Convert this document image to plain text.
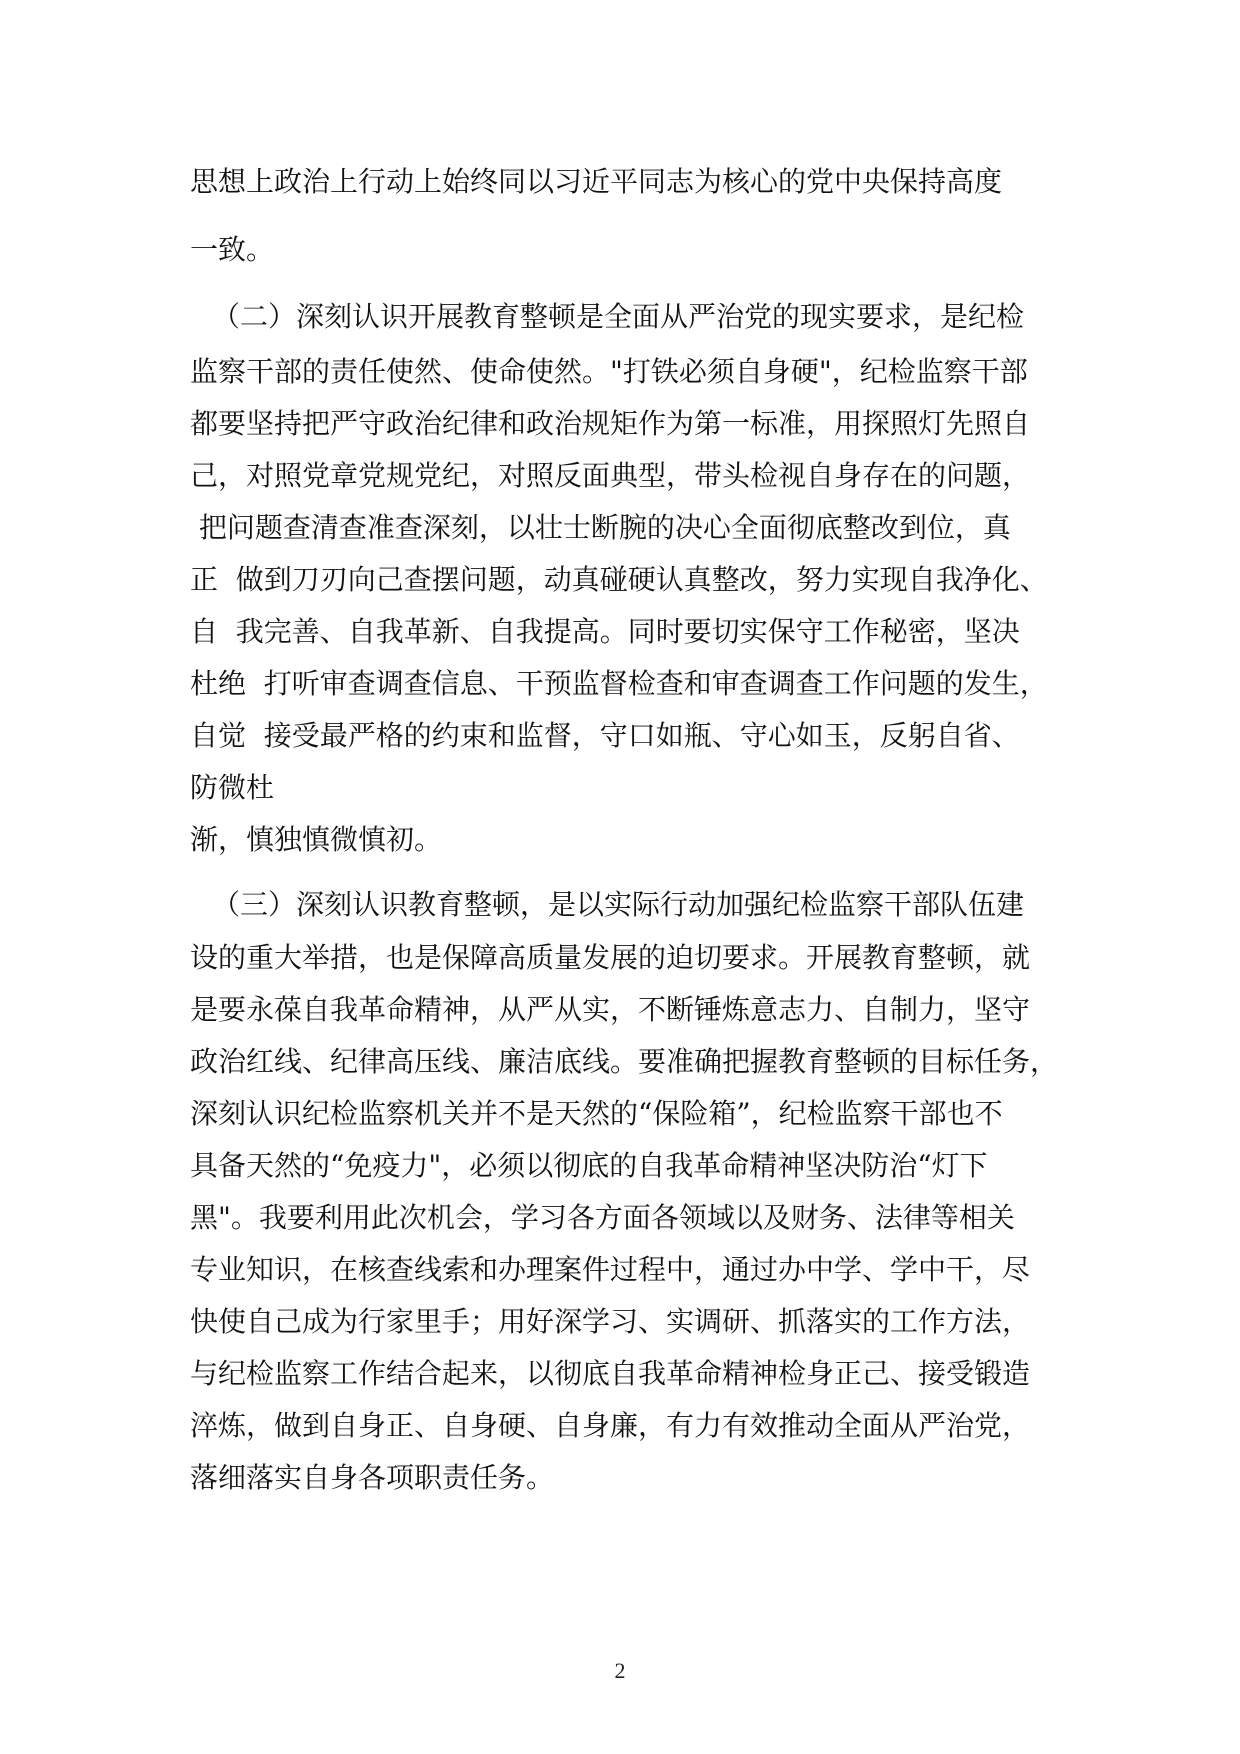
思想上政治上行动上始终同以习近平同志为核心的党中央保持高度

一致。

（二）深刻认识开展教育整顿是全面从严治党的现实要求，是纪检

监察干部的责任使然、使命使然。"打铁必须自身硬"，纪检监察干部

都要坚持把严守政治纪律和政治规矩作为第一标准，用探照灯先照自

己，对照党章党规党纪，对照反面典型，带头检视自身存在的问题，

把问题查清查准查深刻，以壮士断腕的决心全面彻底整改到位，真

正  做到刀刃向己查摆问题，动真碰硬认真整改，努力实现自我净化、

自  我完善、自我革新、自我提高。同时要切实保守工作秘密，坚决

杜绝  打听审查调查信息、干预监督检查和审查调查工作问题的发生，

自觉  接受最严格的约束和监督，守口如瓶、守心如玉，反躬自省、

防微杜

渐，慎独慎微慎初。

（三）深刻认识教育整顿，是以实际行动加强纪检监察干部队伍建

设的重大举措，也是保障高质量发展的迫切要求。开展教育整顿，就

是要永葆自我革命精神，从严从实，不断锤炼意志力、自制力，坚守

政治红线、纪律高压线、廉洁底线。要准确把握教育整顿的目标任务，

深刻认识纪检监察机关并不是天然的“保险箱”，纪检监察干部也不

具备天然的“免疫力"，必须以彻底的自我革命精神坚决防治“灯下

黑"。我要利用此次机会，学习各方面各领域以及财务、法律等相关

专业知识，在核查线索和办理案件过程中，通过办中学、学中干，尽

快使自己成为行家里手；用好深学习、实调研、抓落实的工作方法，

与纪检监察工作结合起来，以彻底自我革命精神检身正己、接受锻造

淬炼，做到自身正、自身硬、自身廉，有力有效推动全面从严治党，

落细落实自身各项职责任务。

2
